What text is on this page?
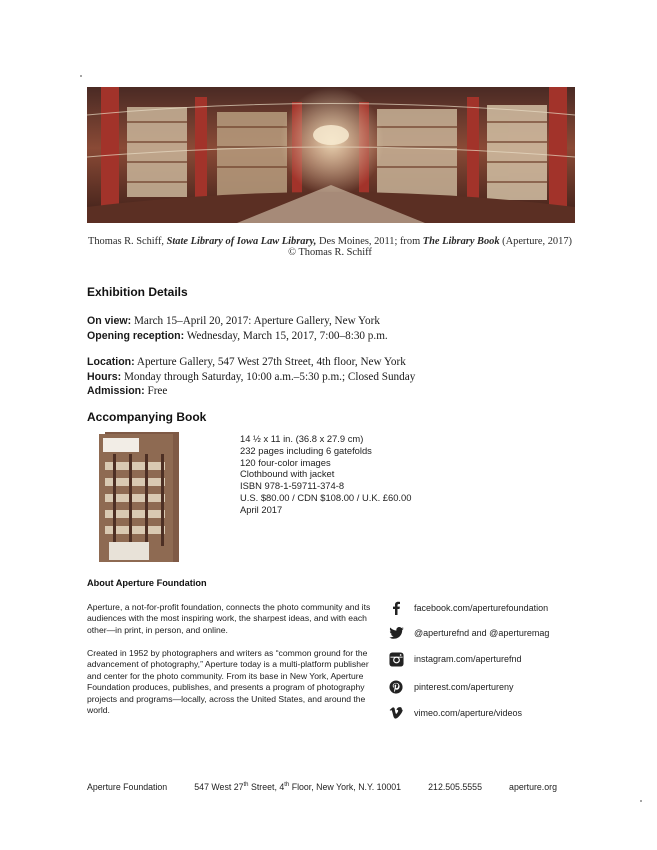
Thomas R. Schiff, State Library of Iowa Law Library, Des Moines, 2011; from The Library Book (Aperture, 2017)
© Thomas R. Schiff
Exhibition Details
On view: March 15–April 20, 2017: Aperture Gallery, New York
Opening reception: Wednesday, March 15, 2017, 7:00–8:30 p.m.
Location: Aperture Gallery, 547 West 27th Street, 4th floor, New York
Hours: Monday through Saturday, 10:00 a.m.–5:30 p.m.; Closed Sunday
Admission: Free
Accompanying Book
14 ½ x 11 in. (36.8 x 27.9 cm)
232 pages including 6 gatefolds
120 four-color images
Clothbound with jacket
ISBN 978-1-59711-374-8
U.S. $80.00 / CDN $108.00 / U.K. £60.00
April 2017
About Aperture Foundation
Aperture, a not-for-profit foundation, connects the photo community and its audiences with the most inspiring work, the sharpest ideas, and with each other—in print, in person, and online.
Created in 1952 by photographers and writers as “common ground for the advancement of photography,” Aperture today is a multi-platform publisher and center for the photo community. From its base in New York, Aperture Foundation produces, publishes, and presents a program of photography projects and programs—locally, across the United States, and around the world.
facebook.com/aperturefoundation
@aperturefnd and @aperturemag
instagram.com/aperturefnd
pinterest.com/apertureny
vimeo.com/aperture/videos
Aperture Foundation	547 West 27th Street, 4th Floor, New York, N.Y. 10001	212.505.5555	aperture.org
